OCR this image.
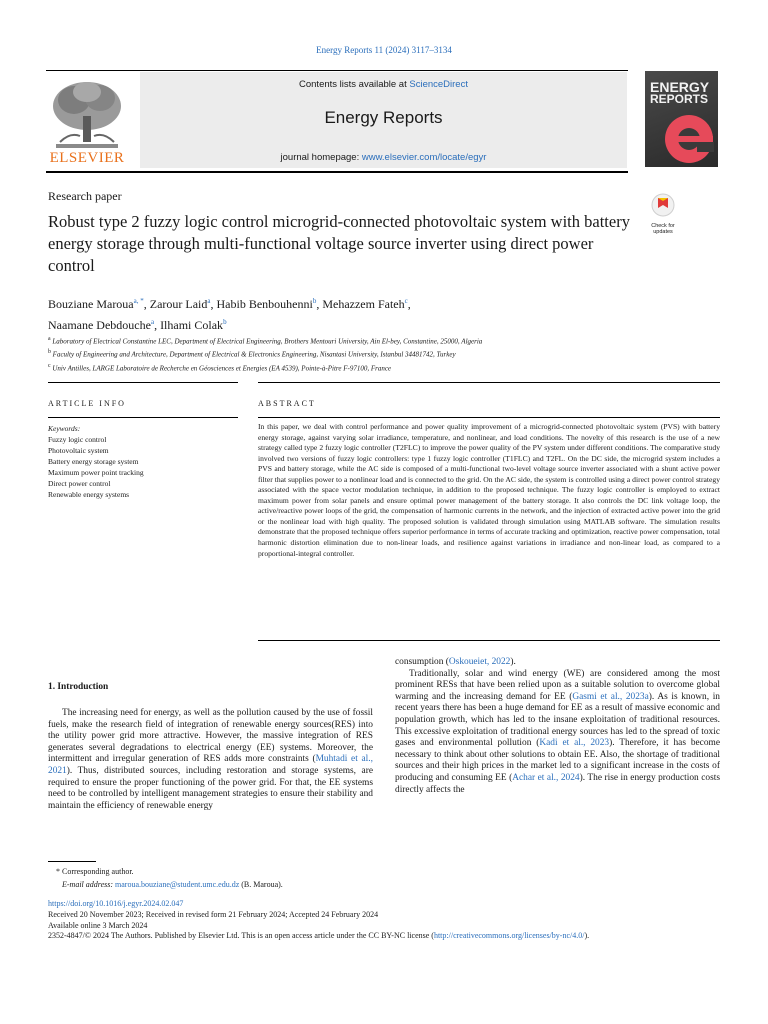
Energy Reports 11 (2024) 3117–3134
Contents lists available at ScienceDirect
Energy Reports
journal homepage: www.elsevier.com/locate/egyr
ELSEVIER
ENERGY
REPORTS
Research paper
Robust type 2 fuzzy logic control microgrid-connected photovoltaic system with battery energy storage through multi-functional voltage source inverter using direct power control
Check for updates
Bouziane Maroua$^{a, *}$, Zarour Laid$^a$, Habib Benbouhenni$^b$, Mehazzem Fateh$^c$,
Naamane Debdouche$^a$, Ilhami Colak$^b$
$^a$ Laboratory of Electrical Constantine LEC, Department of Electrical Engineering, Brothers Mentouri University, Ain El-bey, Constantine, 25000, Algeria
$^b$ Faculty of Engineering and Architecture, Department of Electrical & Electronics Engineering, Nisantasi University, Istanbul 34481742, Turkey
$^c$ Univ Antilles, LARGE Laboratoire de Recherche en Géosciences et Energies (EA 4539), Pointe-à-Pitre F-97100, France
ARTICLE INFO	ABSTRACT
Keywords:
Fuzzy logic control
Photovoltaic system
Battery energy storage system
Maximum power point tracking
Direct power control
Renewable energy systems
In this paper, we deal with control performance and power quality improvement of a microgrid-connected photovoltaic system (PVS) with battery energy storage, against varying solar irradiance, temperature, and nonlinear, and load conditions. The novelty of this research is the use of a new strategy called type 2 fuzzy logic controller (T2FLC) to improve the power quality of the PV system under different conditions. The comparative study involved two versions of fuzzy logic controllers: type 1 fuzzy logic controller (T1FLC) and T2FL. On the DC side, the microgrid system includes a PVS and battery storage, while the AC side is composed of a multi-functional two-level voltage source inverter associated with a shunt active power filter that supplies power to a nonlinear load and is connected to the grid. On the AC side, the system is controlled using a direct power control strategy associated with the space vector modulation technique, in addition to the proposed technique. The fuzzy logic controller is employed to extract maximum power from solar panels and ensure optimal power management of the battery storage. It also controls the DC link voltage loop, the active/reactive power loops of the grid, the compensation of harmonic currents in the network, and the injection of extracted active power into the grid or the nonlinear load with high quality. The proposed solution is validated through simulation using MATLAB software. The simulation results demonstrate that the proposed technique offers superior performance in terms of accurate tracking and optimization, reactive power compensation, total harmonic distortion elimination due to non-linear loads, and resilience against variations in irradiance and non-linear load, as compared to a proportional-integral controller.
1. Introduction

The increasing need for energy, as well as the pollution caused by the use of fossil fuels, make the research field of integration of renewable energy sources(RES) into the utility power grid more attractive. However, the massive integration of RES generates several degradations to electrical energy (EE) systems. Moreover, the intermittent and irregular generation of RES adds more constraints (Muhtadi et al., 2021). Thus, distributed sources, including restoration and storage systems, are required to ensure the proper functioning of the power grid. For that, the EE systems need to be controlled by intelligent management strategies to ensure their stability and maintain the efficiency of renewable energy

consumption (Oskoueiet, 2022).

Traditionally, solar and wind energy (WE) are considered among the most prominent RESs that have been relied upon as a suitable solution to overcome global warming and the increasing demand for EE (Gasmi et al., 2023a). As is known, in recent years there has been a huge demand for EE as a result of massive economic and population growth, which has led to the insane exploitation of traditional resources. This excessive exploitation of traditional energy sources has led to the spread of toxic gases and environmental pollution (Kadi et al., 2023). Therefore, it has become necessary to think about other solutions to obtain EE. Also, the shortage of traditional sources and their high prices in the market led to a significant increase in the costs of producing and consuming EE (Achar et al., 2024). The rise in energy production costs directly affects the

* Corresponding author.
E-mail address: maroua.bouziane@student.umc.edu.dz (B. Maroua).
https://doi.org/10.1016/j.egyr.2024.02.047
Received 20 November 2023; Received in revised form 21 February 2024; Accepted 24 February 2024
Available online 3 March 2024
2352-4847/© 2024 The Authors. Published by Elsevier Ltd. This is an open access article under the CC BY-NC license (http://creativecommons.org/licenses/by-nc/4.0/).
